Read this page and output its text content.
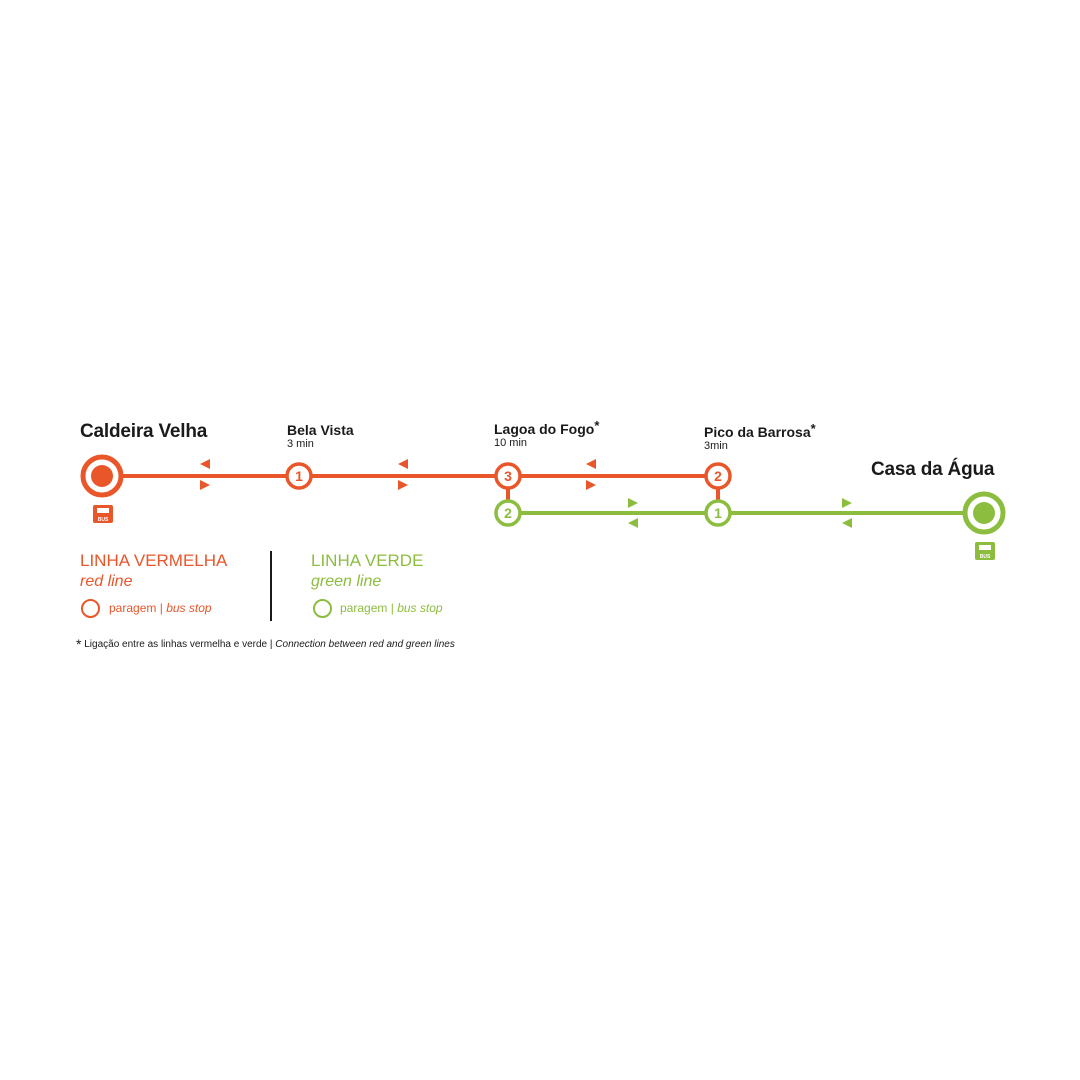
1	3	2
2	1
BUS
BUS
Caldeira Velha	Bela Vista
3 min
Lagoa do Fogo*
10 min
Pico da Barrosa*
3min
Casa da Água
LINHA VERMELHA
red line
paragem | bus stop
LINHA VERDE
green line
paragem | bus stop
* Ligação entre as linhas vermelha e verde | Connection between red and green lines
